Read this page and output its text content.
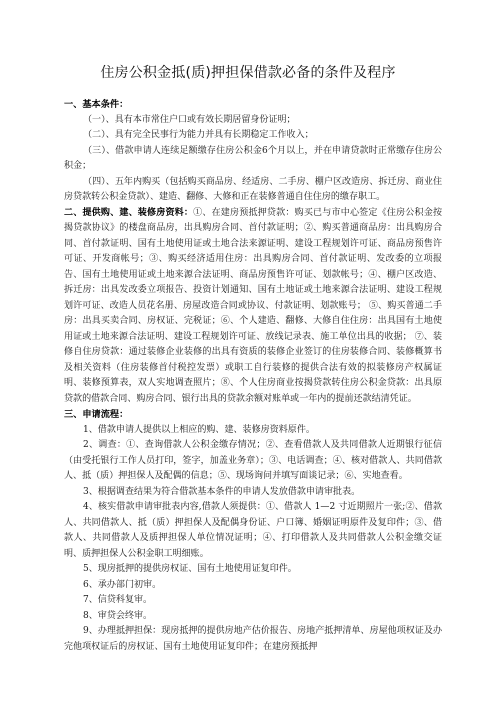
住房公积金抵(质)押担保借款必备的条件及程序

一、基本条件：

（一）、具有本市常住户口或有效长期居留身份证明；

（二）、具有完全民事行为能力并具有长期稳定工作收入；

（三）、借款申请人连续足额缴存住房公积金6个月以上，并在申请贷款时正常缴存住房公积金；

（四）、五年内购买（包括购买商品房、经适房、二手房、棚户区改造房、拆迁房、商业住房贷款转公积金贷款）、建造、翻修、大修和正在装修普通自住住房的缴存职工。

二、提供购、建、装修房资料：①、在建房预抵押贷款：购买已与市中心签定《住房公积金按揭贷款协议》的楼盘商品房，出具购房合同、首付款证明；②、购买普通商品房：出具购房合同、首付款证明、国有土地使用证或土地合法来源证明、建设工程规划许可证、商品房预售许可证、开发商帐号；③、购买经济适用住房：出具购房合同、首付款证明、发改委的立项报告、国有土地使用证或土地来源合法证明、商品房预售许可证、划款帐号；④、棚户区改造、拆迁房：出具发改委立项报告、投资计划通知、国有土地证或土地来源合法证明、建设工程规划许可证、改造人员花名册、房屋改造合同或协议、付款证明、划款账号； ⑤、购买普通二手房：出具买卖合同、房权证、完税证；⑥、个人建造、翻修、大修自住住房：出具国有土地使用证或土地来源合法证明、建设工程规划许可证、放线记录表、施工单位出具的收据； ⑦、装修自住房贷款：通过装修企业装修的出具有资质的装修企业签订的住房装修合同、装修概算书及相关资料（住房装修首付税控发票）或职工自行装修的提供合法有效的拟装修房产权属证明、装修预算表，双人实地调查照片；⑧、个人住房商业按揭贷款转住房公积金贷款：出具原贷款的借款合同、购房合同、银行出具的贷款余额对账单或一年内的提前还款结清凭证。

三、申请流程：

1、借款申请人提供以上相应的购、建、装修房资料原件。

2、调查：①、查询借款人公积金缴存情况；②、查看借款人及共同借款人近期银行征信（由受托银行工作人员打印，签字，加盖业务章）；③、电话调查；④、核对借款人、共同借款人、抵（质）押担保人及配偶的信息；⑤、现场询问并填写面谈记录；⑥、实地查看。

3、根据调查结果为符合借款基本条件的申请人发放借款申请审批表。

4、核实借款申请审批表内容,借款人须提供：①、借款人 1—2 寸近期照片一张;②、借款人、共同借款人、抵（质）押担保人及配偶身份证、户口簿、婚姻证明原件及复印件；③、借款人、共同借款人及质押担保人单位情况证明；④、打印借款人及共同借款人公积金缴交证明、质押担保人公积金职工明细账。

5、现房抵押的提供房权证、国有土地使用证复印件。

6、承办部门初审。

7、信贷科复审。

8、审贷会终审。

9、办理抵押担保：现房抵押的提供房地产估价报告、房地产抵押清单、房屋他项权证及办完他项权证后的房权证、国有土地使用证复印件；在建房预抵押
